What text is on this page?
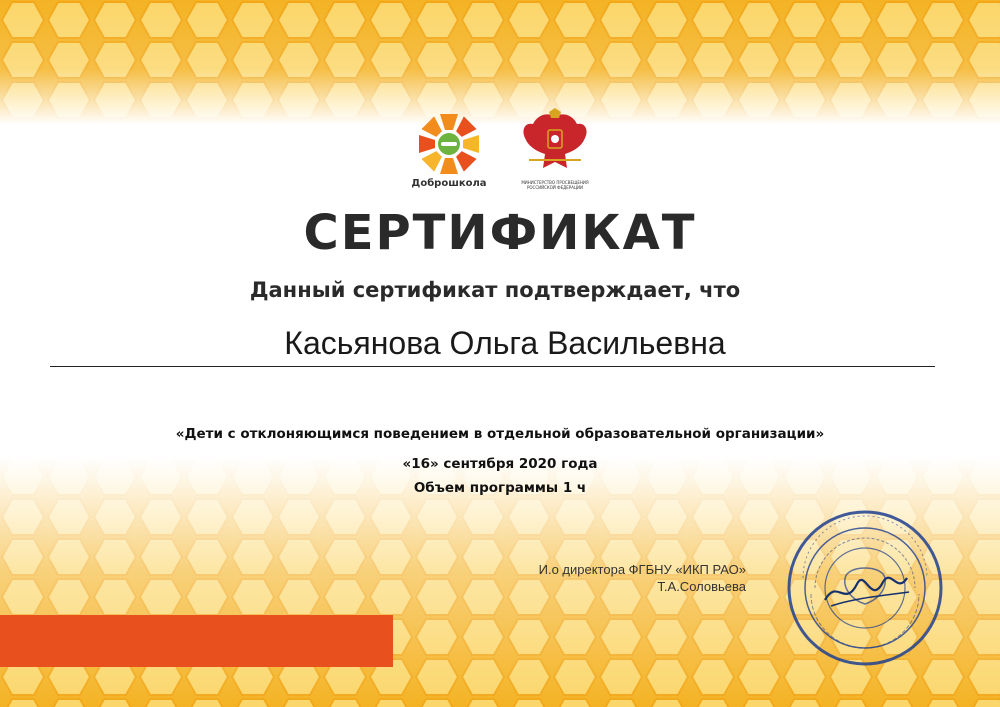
Доброшкола	МИНИСТЕРСТВО ПРОСВЕЩЕНИЯ РОССИЙСКОЙ ФЕДЕРАЦИИ
СЕРТИФИКАТ
Данный сертификат подтверждает, что
Касьянова Ольга Васильевна
«Дети с отклоняющимся поведением в отдельной образовательной организации»
«16» сентября 2020 года
Объем программы 1 ч
И.о директора ФГБНУ «ИКП РАО»
Т.А.Соловьева
